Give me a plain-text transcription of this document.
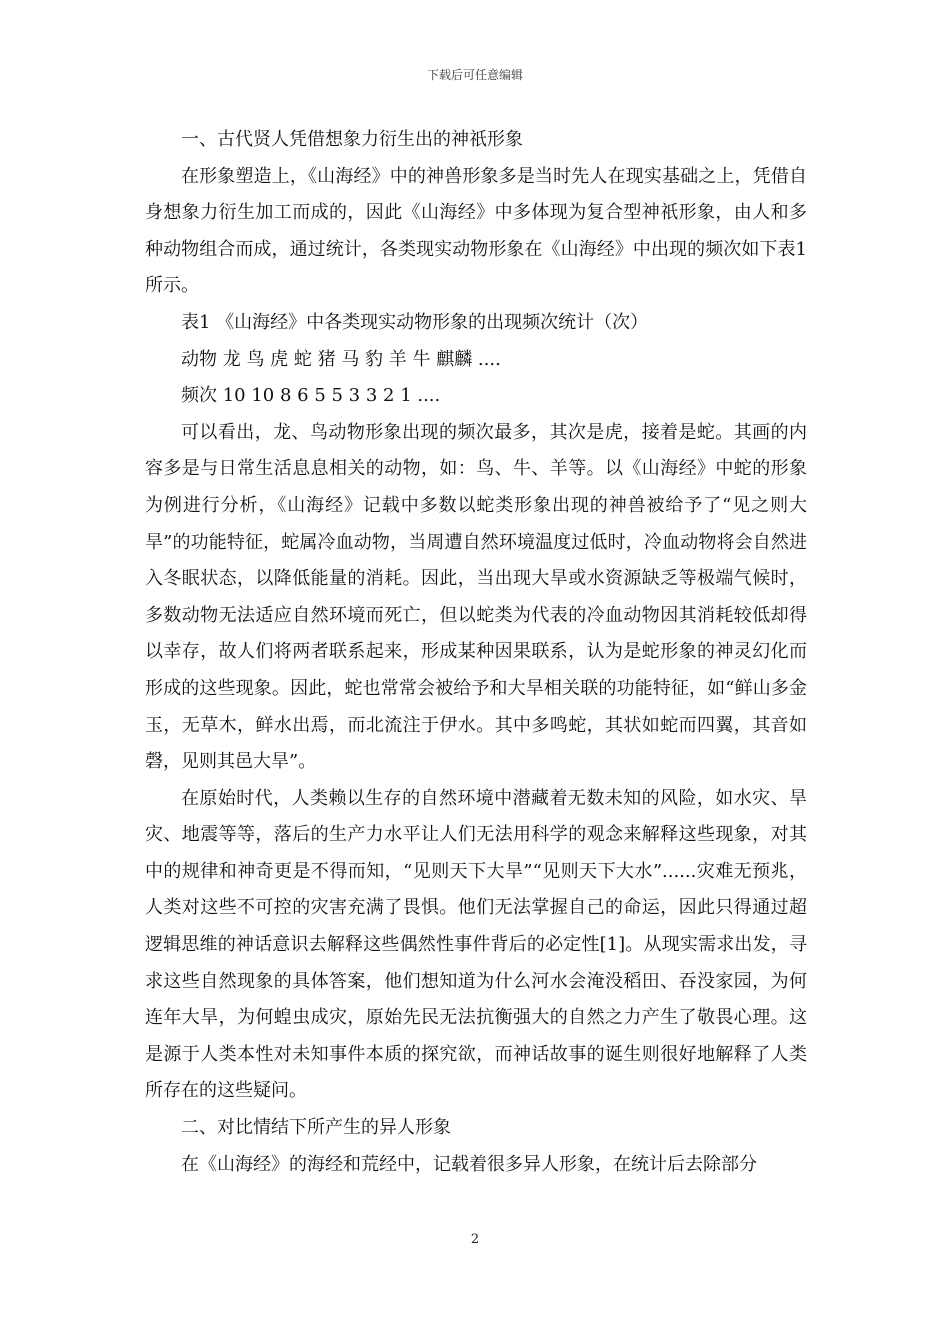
下载后可任意编辑

一、古代贤人凭借想象力衍生出的神祇形象

在形象塑造上，《山海经》中的神兽形象多是当时先人在现实基础之上，凭借自身想象力衍生加工而成的，因此《山海经》中多体现为复合型神祇形象，由人和多种动物组合而成，通过统计，各类现实动物形象在《山海经》中出现的频次如下表1所示。

表1 《山海经》中各类现实动物形象的出现频次统计（次）

动物 龙 鸟 虎 蛇 猪 马 豹 羊 牛 麒麟 ....

频次 10 10 8 6 5 5 3 3 2 1 ....

可以看出，龙、鸟动物形象出现的频次最多，其次是虎，接着是蛇。其画的内容多是与日常生活息息相关的动物，如：鸟、牛、羊等。以《山海经》中蛇的形象为例进行分析，《山海经》记载中多数以蛇类形象出现的神兽被给予了“见之则大旱”的功能特征，蛇属冷血动物，当周遭自然环境温度过低时，冷血动物将会自然进入冬眠状态，以降低能量的消耗。因此，当出现大旱或水资源缺乏等极端气候时，多数动物无法适应自然环境而死亡，但以蛇类为代表的冷血动物因其消耗较低却得以幸存，故人们将两者联系起来，形成某种因果联系，认为是蛇形象的神灵幻化而形成的这些现象。因此，蛇也常常会被给予和大旱相关联的功能特征，如“鲜山多金玉，无草木，鲜水出焉，而北流注于伊水。其中多鸣蛇，其状如蛇而四翼，其音如磬，见则其邑大旱”。

在原始时代，人类赖以生存的自然环境中潜藏着无数未知的风险，如水灾、旱灾、地震等等，落后的生产力水平让人们无法用科学的观念来解释这些现象，对其中的规律和神奇更是不得而知，“见则天下大旱”“见则天下大水”......灾难无预兆，人类对这些不可控的灾害充满了畏惧。他们无法掌握自己的命运，因此只得通过超逻辑思维的神话意识去解释这些偶然性事件背后的必定性[1]。从现实需求出发，寻求这些自然现象的具体答案，他们想知道为什么河水会淹没稻田、吞没家园，为何连年大旱，为何蝗虫成灾，原始先民无法抗衡强大的自然之力产生了敬畏心理。这是源于人类本性对未知事件本质的探究欲，而神话故事的诞生则很好地解释了人类所存在的这些疑问。

二、对比情结下所产生的异人形象

在《山海经》的海经和荒经中，记载着很多异人形象，在统计后去除部分

2
